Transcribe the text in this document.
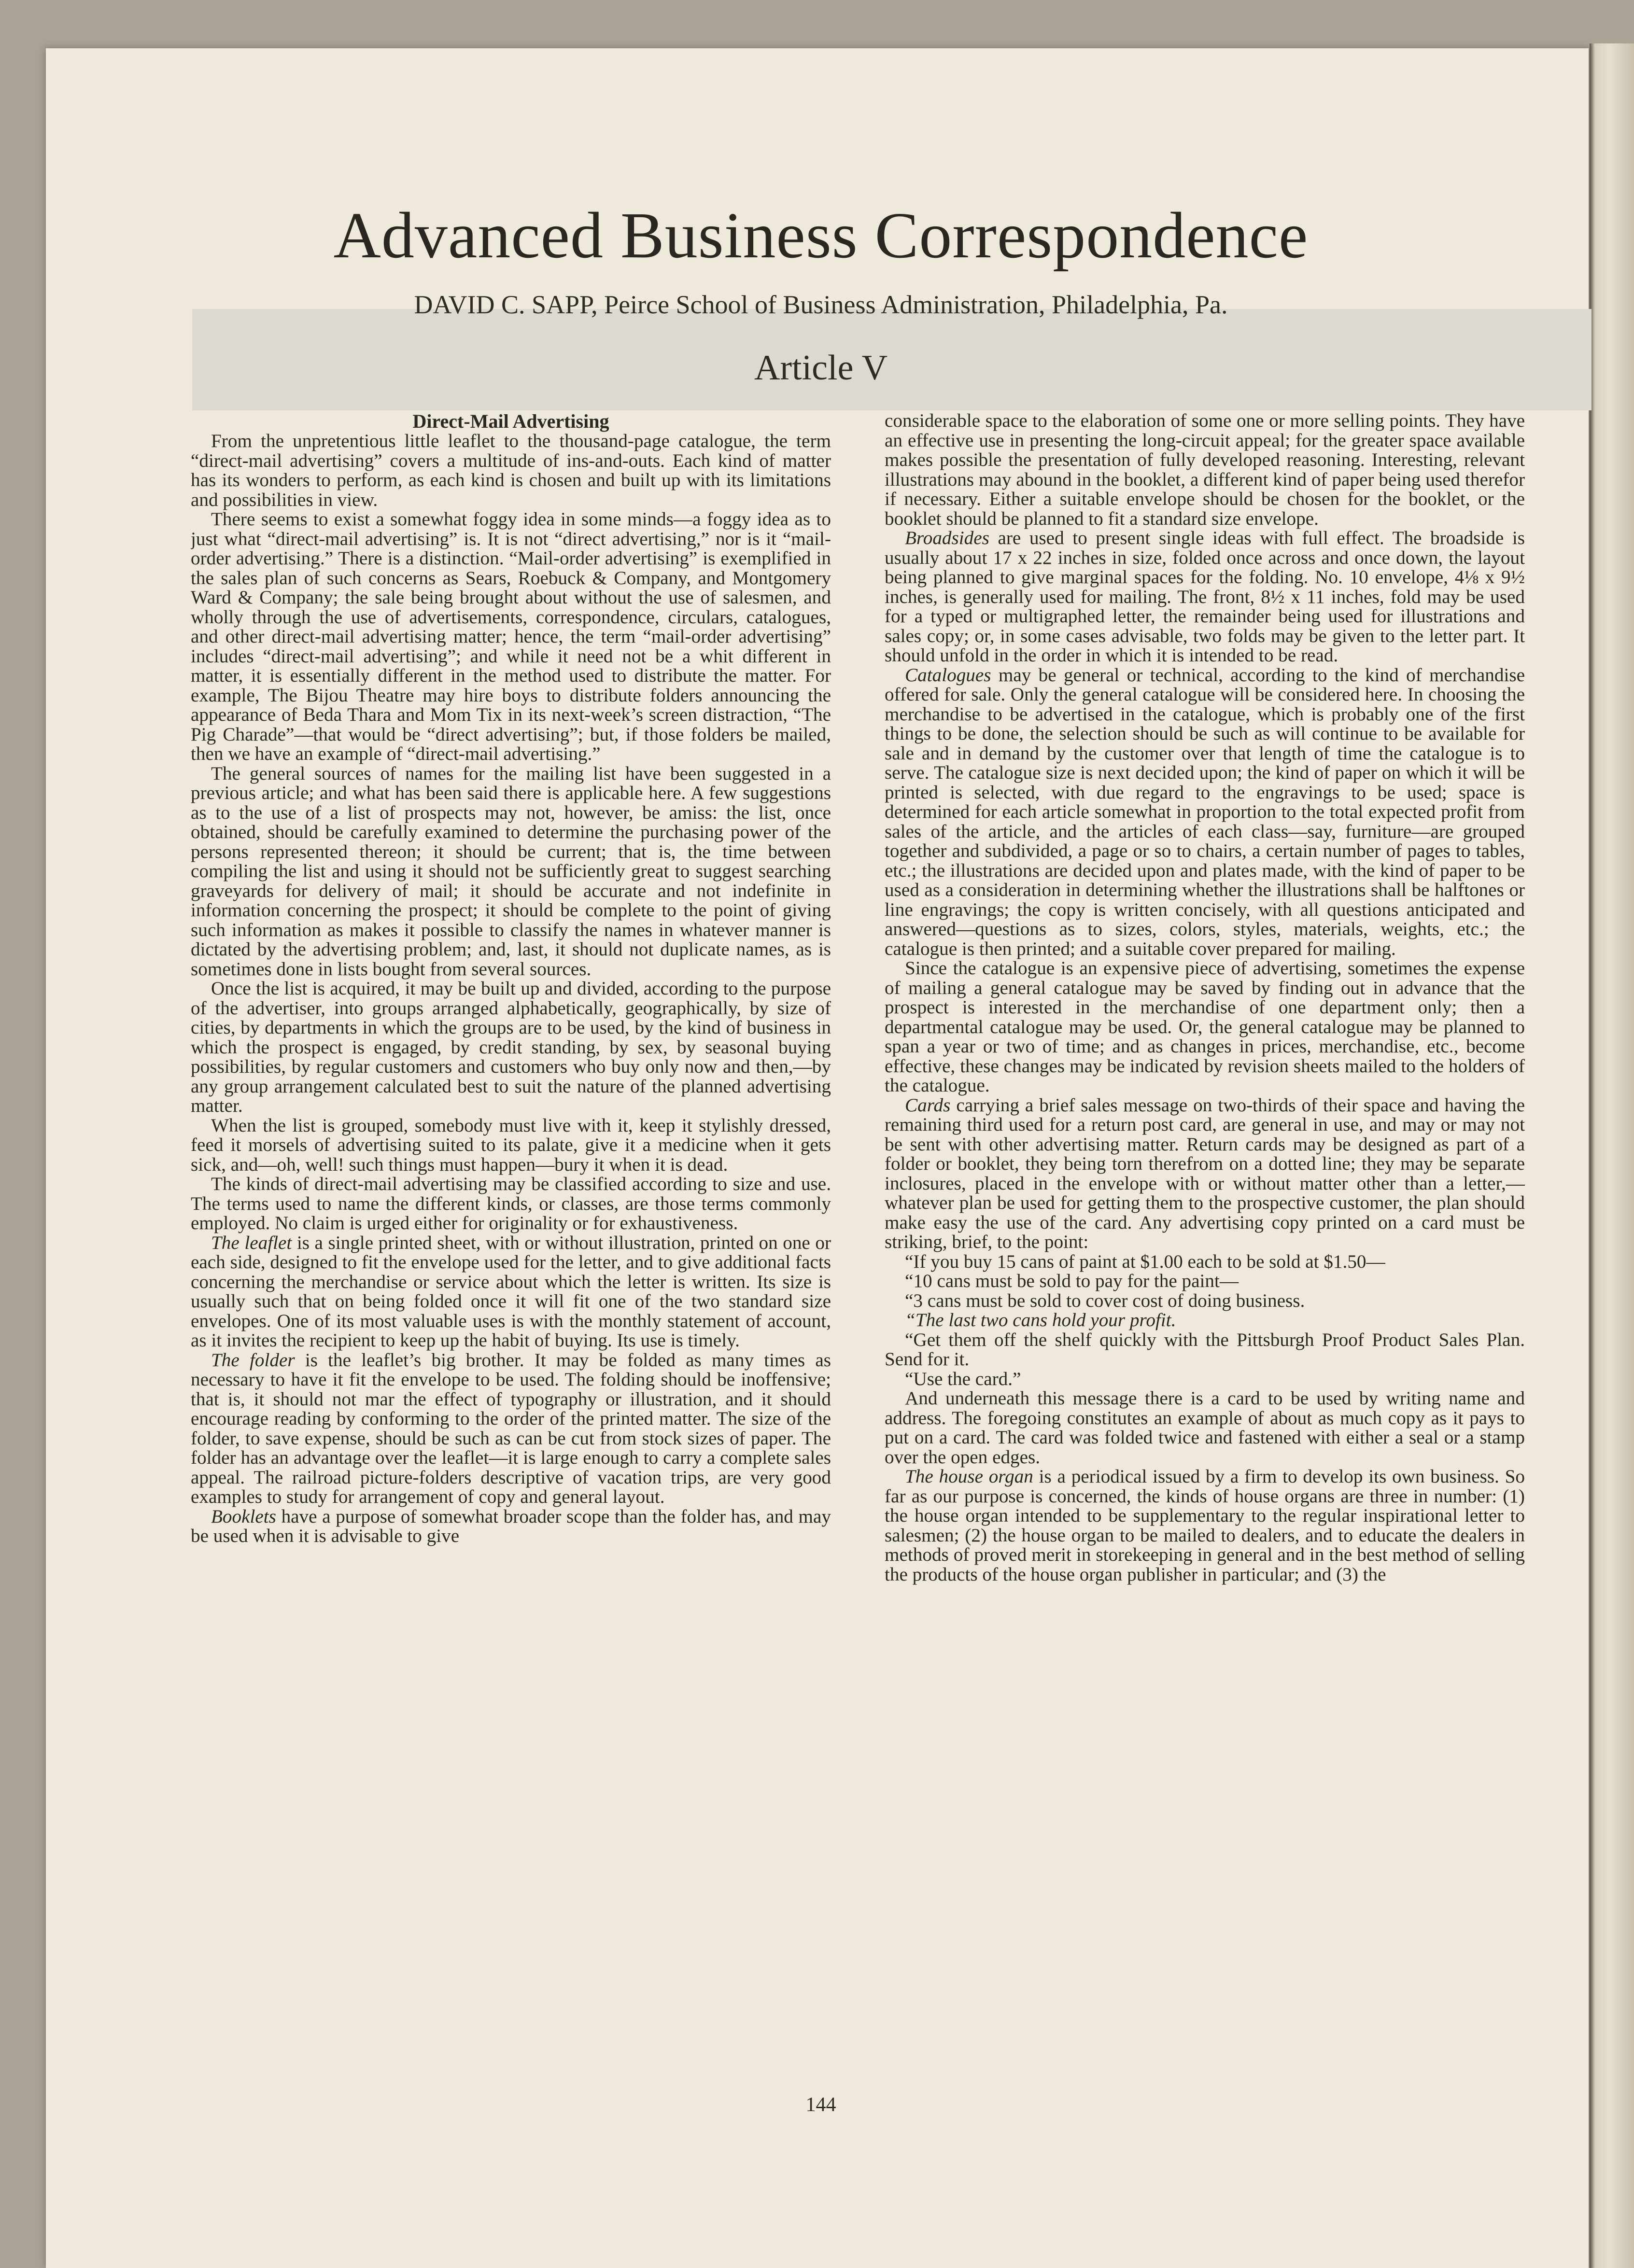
Advanced Business Correspondence
DAVID C. SAPP, Peirce School of Business Administration, Philadelphia, Pa.
Article V
Direct-Mail Advertising

From the unpretentious little leaflet to the thousand-page catalogue, the term “direct-mail advertising” covers a multitude of ins-and-outs. Each kind of matter has its wonders to perform, as each kind is chosen and built up with its limitations and possibilities in view.

There seems to exist a somewhat foggy idea in some minds—a foggy idea as to just what “direct-mail advertising” is. It is not “direct advertising,” nor is it “mail-order advertising.” There is a distinction. “Mail-order advertising” is exemplified in the sales plan of such concerns as Sears, Roebuck & Company, and Montgomery Ward & Company; the sale being brought about without the use of salesmen, and wholly through the use of advertisements, correspondence, circulars, catalogues, and other direct-mail advertising matter; hence, the term “mail-order advertising” includes “direct-mail advertising”; and while it need not be a whit different in matter, it is essentially different in the method used to distribute the matter. For example, The Bijou Theatre may hire boys to distribute folders announcing the appearance of Beda Thara and Mom Tix in its next-week’s screen distraction, “The Pig Charade”—that would be “direct advertising”; but, if those folders be mailed, then we have an example of “direct-mail advertising.”

The general sources of names for the mailing list have been suggested in a previous article; and what has been said there is applicable here. A few suggestions as to the use of a list of prospects may not, however, be amiss: the list, once obtained, should be carefully examined to determine the purchasing power of the persons represented thereon; it should be current; that is, the time between compiling the list and using it should not be sufficiently great to suggest searching graveyards for delivery of mail; it should be accurate and not indefinite in information concerning the prospect; it should be complete to the point of giving such information as makes it possible to classify the names in whatever manner is dictated by the advertising problem; and, last, it should not duplicate names, as is sometimes done in lists bought from several sources.

Once the list is acquired, it may be built up and divided, according to the purpose of the advertiser, into groups arranged alphabetically, geographically, by size of cities, by departments in which the groups are to be used, by the kind of business in which the prospect is engaged, by credit standing, by sex, by seasonal buying possibilities, by regular customers and customers who buy only now and then,—by any group arrangement calculated best to suit the nature of the planned advertising matter.

When the list is grouped, somebody must live with it, keep it stylishly dressed, feed it morsels of advertising suited to its palate, give it a medicine when it gets sick, and—oh, well! such things must happen—bury it when it is dead.

The kinds of direct-mail advertising may be classified according to size and use. The terms used to name the different kinds, or classes, are those terms commonly employed. No claim is urged either for originality or for exhaustiveness.

The leaflet is a single printed sheet, with or without illustration, printed on one or each side, designed to fit the envelope used for the letter, and to give additional facts concerning the merchandise or service about which the letter is written. Its size is usually such that on being folded once it will fit one of the two standard size envelopes. One of its most valuable uses is with the monthly statement of account, as it invites the recipient to keep up the habit of buying. Its use is timely.

The folder is the leaflet’s big brother. It may be folded as many times as necessary to have it fit the envelope to be used. The folding should be inoffensive; that is, it should not mar the effect of typography or illustration, and it should encourage reading by conforming to the order of the printed matter. The size of the folder, to save expense, should be such as can be cut from stock sizes of paper. The folder has an advantage over the leaflet—it is large enough to carry a complete sales appeal. The railroad picture-folders descriptive of vacation trips, are very good examples to study for arrangement of copy and general layout.

Booklets have a purpose of somewhat broader scope than the folder has, and may be used when it is advisable to give

considerable space to the elaboration of some one or more selling points. They have an effective use in presenting the long-circuit appeal; for the greater space available makes possible the presentation of fully developed reasoning. Interesting, relevant illustrations may abound in the booklet, a different kind of paper being used therefor if necessary. Either a suitable envelope should be chosen for the booklet, or the booklet should be planned to fit a standard size envelope.

Broadsides are used to present single ideas with full effect. The broadside is usually about 17 x 22 inches in size, folded once across and once down, the layout being planned to give marginal spaces for the folding. No. 10 envelope, 4⅛ x 9½ inches, is generally used for mailing. The front, 8½ x 11 inches, fold may be used for a typed or multigraphed letter, the remainder being used for illustrations and sales copy; or, in some cases advisable, two folds may be given to the letter part. It should unfold in the order in which it is intended to be read.

Catalogues may be general or technical, according to the kind of merchandise offered for sale. Only the general catalogue will be considered here. In choosing the merchandise to be advertised in the catalogue, which is probably one of the first things to be done, the selection should be such as will continue to be available for sale and in demand by the customer over that length of time the catalogue is to serve. The catalogue size is next decided upon; the kind of paper on which it will be printed is selected, with due regard to the engravings to be used; space is determined for each article somewhat in proportion to the total expected profit from sales of the article, and the articles of each class—say, furniture—are grouped together and subdivided, a page or so to chairs, a certain number of pages to tables, etc.; the illustrations are decided upon and plates made, with the kind of paper to be used as a consideration in determining whether the illustrations shall be halftones or line engravings; the copy is written concisely, with all questions anticipated and answered—questions as to sizes, colors, styles, materials, weights, etc.; the catalogue is then printed; and a suitable cover prepared for mailing.

Since the catalogue is an expensive piece of advertising, sometimes the expense of mailing a general catalogue may be saved by finding out in advance that the prospect is interested in the merchandise of one department only; then a departmental catalogue may be used. Or, the general catalogue may be planned to span a year or two of time; and as changes in prices, merchandise, etc., become effective, these changes may be indicated by revision sheets mailed to the holders of the catalogue.

Cards carrying a brief sales message on two-thirds of their space and having the remaining third used for a return post card, are general in use, and may or may not be sent with other advertising matter. Return cards may be designed as part of a folder or booklet, they being torn therefrom on a dotted line; they may be separate inclosures, placed in the envelope with or without matter other than a letter,—whatever plan be used for getting them to the prospective customer, the plan should make easy the use of the card. Any advertising copy printed on a card must be striking, brief, to the point:

“If you buy 15 cans of paint at $1.00 each to be sold at $1.50—

“10 cans must be sold to pay for the paint—

“3 cans must be sold to cover cost of doing business.

“The last two cans hold your profit.

“Get them off the shelf quickly with the Pittsburgh Proof Product Sales Plan. Send for it.

“Use the card.”

And underneath this message there is a card to be used by writing name and address. The foregoing constitutes an example of about as much copy as it pays to put on a card. The card was folded twice and fastened with either a seal or a stamp over the open edges.

The house organ is a periodical issued by a firm to develop its own business. So far as our purpose is concerned, the kinds of house organs are three in number: (1) the house organ intended to be supplementary to the regular inspirational letter to salesmen; (2) the house organ to be mailed to dealers, and to educate the dealers in methods of proved merit in storekeeping in general and in the best method of selling the products of the house organ publisher in particular; and (3) the

144
